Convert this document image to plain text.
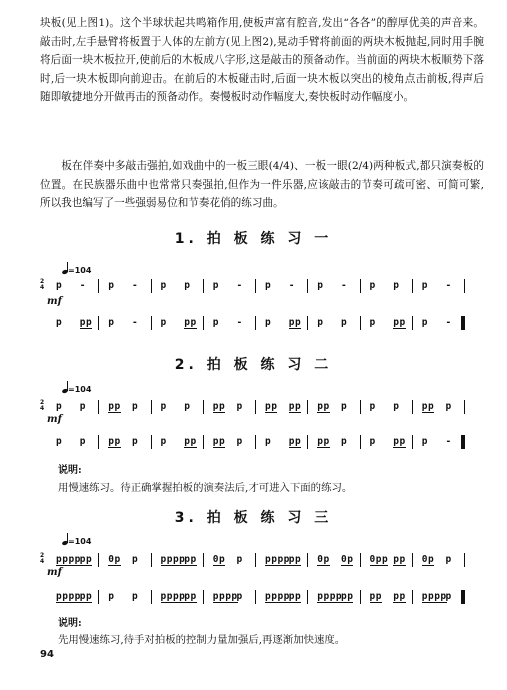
块板(见上图1)。这个半球状起共鸣箱作用,使板声富有腔音,发出“各各”的醇厚优美的声音来。敲击时,左手悬臂将板置于人体的左前方(见上图2),晃动手臂将前面的两块木板抛起,同时用手腕将后面一块木板拉开,使前后的木板成八字形,这是敲击的预备动作。当前面的两块木板顺势下落时,后一块木板即向前迎击。在前后的木板碰击时,后面一块木板以突出的棱角点击前板,得声后随即敏捷地分开做再击的预备动作。奏慢板时动作幅度大,奏快板时动作幅度小。
板在伴奏中多敲击强拍,如戏曲中的一板三眼(4/4)、一板一眼(2/4)两种板式,都只演奏板的位置。在民族器乐曲中也常常只奏强拍,但作为一件乐器,应该敲击的节奏可疏可密、可简可繁,所以我也编写了一些强弱易位和节奏花俏的练习曲。
1. 拍 板 练 习 一
=104
2
4 p - p - p p p - p - p - p p p -
mf
p pp p - p pp p - p pp p p p pp p -
2. 拍 板 练 习 二
=104
2
4 p p pp p p p pp p pp pp pp p p p pp p
mf
p p pp p p pp pp p p pp pp p p pp p -
说明:
用慢速练习。待正确掌握拍板的演奏法后,才可进入下面的练习。
3. 拍 板 练 习 三
=104
2
4 pppp
pp 0p p pppp
pp 0p p pppp
pp 0p 0p 0pp pp 0p p
mf
pppp
pp p p pppp
pp pppp
p pppp
pp pppp
pp pp pp pppp
p
说明:
先用慢速练习,待手对拍板的控制力量加强后,再逐渐加快速度。
94
